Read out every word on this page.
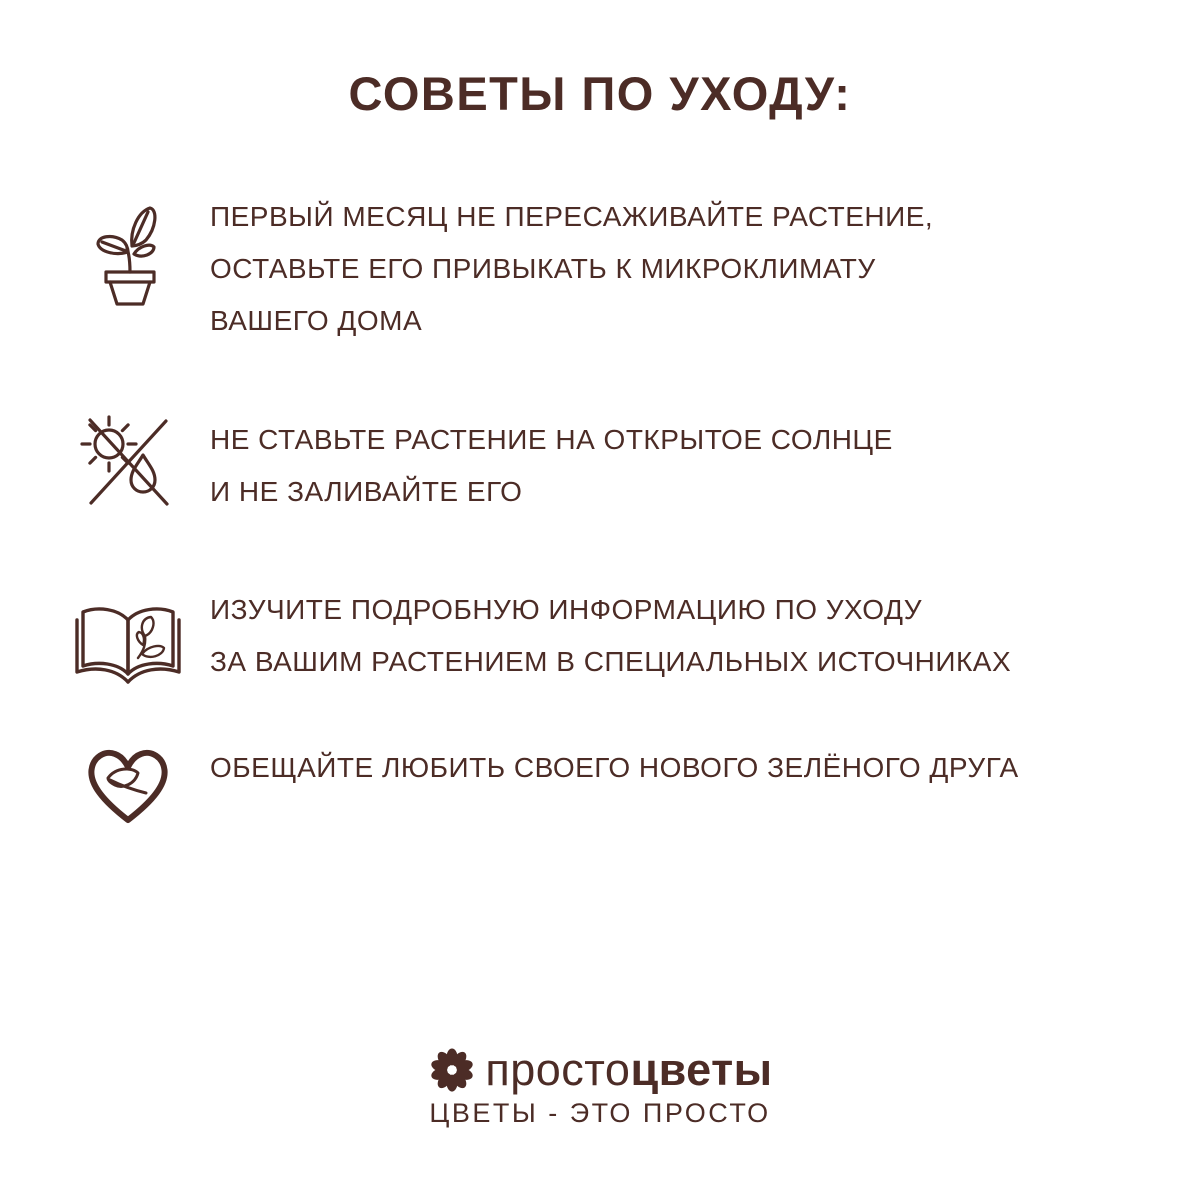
СОВЕТЫ ПО УХОДУ:
ПЕРВЫЙ МЕСЯЦ НЕ ПЕРЕСАЖИВАЙТЕ РАСТЕНИЕ,
ОСТАВЬТЕ ЕГО ПРИВЫКАТЬ К МИКРОКЛИМАТУ
ВАШЕГО ДОМА
НЕ СТАВЬТЕ РАСТЕНИЕ НА ОТКРЫТОЕ СОЛНЦЕ
И НЕ ЗАЛИВАЙТЕ ЕГО
ИЗУЧИТЕ ПОДРОБНУЮ ИНФОРМАЦИЮ ПО УХОДУ
ЗА ВАШИМ РАСТЕНИЕМ В СПЕЦИАЛЬНЫХ ИСТОЧНИКАХ
ОБЕЩАЙТЕ ЛЮБИТЬ СВОЕГО НОВОГО ЗЕЛЁНОГО ДРУГА
простоцветы
ЦВЕТЫ - ЭТО ПРОСТО
